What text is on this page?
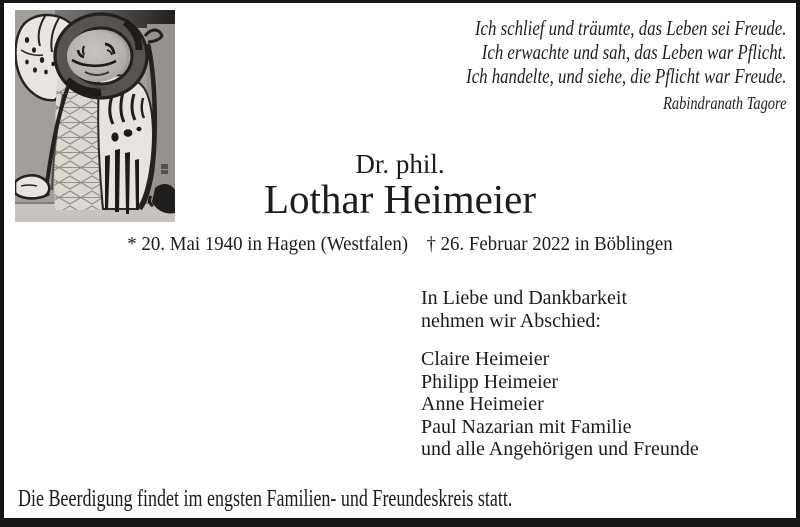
Ich schlief und träumte, das Leben sei Freude.
Ich erwachte und sah, das Leben war Pflicht.
Ich handelte, und siehe, die Pflicht war Freude.
Rabindranath Tagore
Dr. phil.
Lothar Heimeier
* 20. Mai 1940 in Hagen (Westfalen) † 26. Februar 2022 in Böblingen
In Liebe und Dankbarkeit
nehmen wir Abschied:
Claire Heimeier
Philipp Heimeier
Anne Heimeier
Paul Nazarian mit Familie
und alle Angehörigen und Freunde
Die Beerdigung findet im engsten Familien- und Freundeskreis statt.
